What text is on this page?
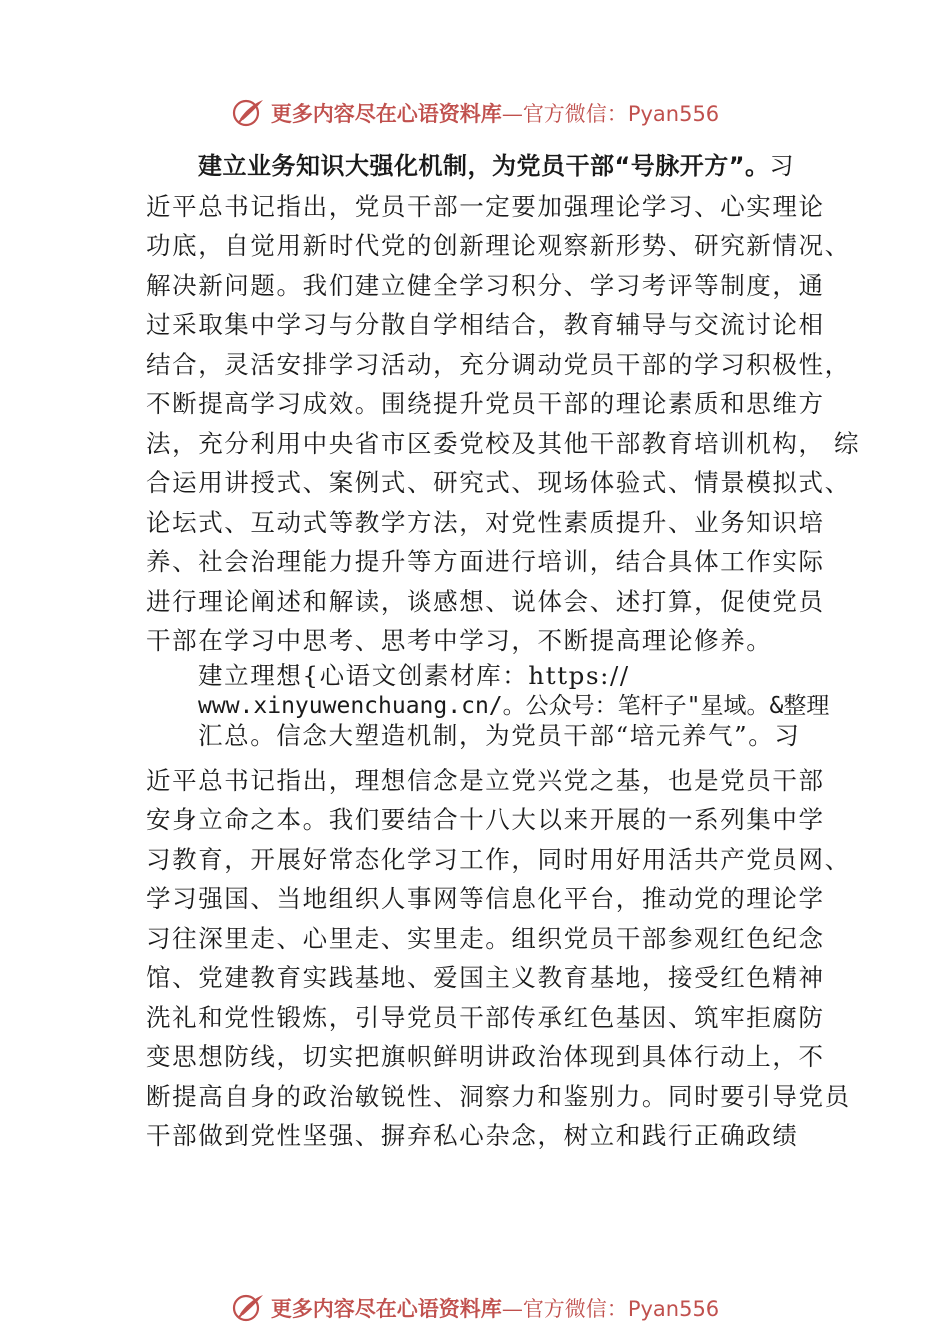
更多内容尽在心语资料库—官方微信：Pyan556
建立业务知识大强化机制，为党员干部“号脉开方”。习
近平总书记指出，党员干部一定要加强理论学习、心实理论
功底，自觉用新时代党的创新理论观察新形势、研究新情况、
解决新问题。我们建立健全学习积分、学习考评等制度，通
过采取集中学习与分散自学相结合，教育辅导与交流讨论相
结合，灵活安排学习活动，充分调动党员干部的学习积极性，
不断提高学习成效。围绕提升党员干部的理论素质和思维方
法，充分利用中央省市区委党校及其他干部教育培训机构， 综
合运用讲授式、案例式、研究式、现场体验式、情景模拟式、
论坛式、互动式等教学方法，对党性素质提升、业务知识培
养、社会治理能力提升等方面进行培训，结合具体工作实际
进行理论阐述和解读，谈感想、说体会、述打算，促使党员
干部在学习中思考、思考中学习，不断提高理论修养。
建立理想{心语文创素材库：https://
www.xinyuwenchuang.cn/。公众号：笔杆子"星域。&整理
汇总。信念大塑造机制，为党员干部“培元养气”。习
近平总书记指出，理想信念是立党兴党之基，也是党员干部
安身立命之本。我们要结合十八大以来开展的一系列集中学
习教育，开展好常态化学习工作，同时用好用活共产党员网、
学习强国、当地组织人事网等信息化平台，推动党的理论学
习往深里走、心里走、实里走。组织党员干部参观红色纪念
馆、党建教育实践基地、爱国主义教育基地，接受红色精神
洗礼和党性锻炼，引导党员干部传承红色基因、筑牢拒腐防
变思想防线，切实把旗帜鲜明讲政治体现到具体行动上，不
断提高自身的政治敏锐性、洞察力和鉴别力。同时要引导党员
干部做到党性坚强、摒弃私心杂念，树立和践行正确政绩
更多内容尽在心语资料库—官方微信：Pyan556
